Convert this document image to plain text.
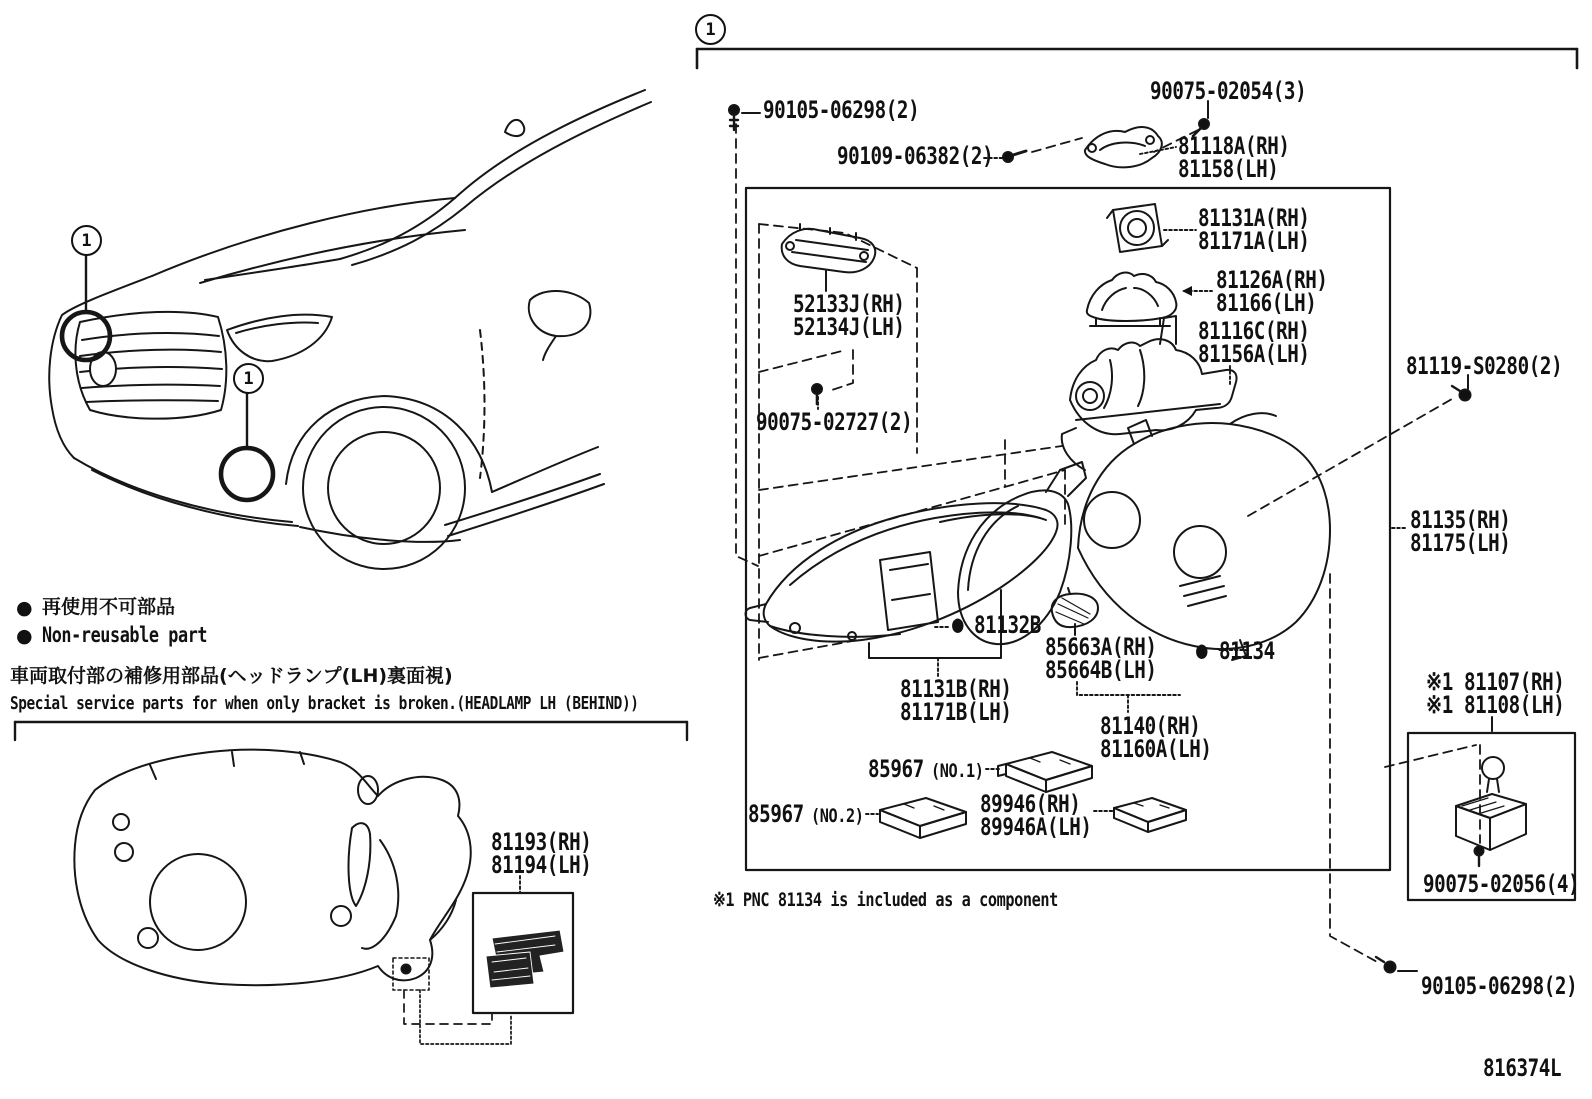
1
1
1
90105-06298(2)
90075-02054(3)
90109-06382(2)	81118A(RH)
81158(LH)
81131A(RH)
81171A(LH)
81126A(RH)
81166(LH)
81116C(RH)
81156A(LH)
52133J(RH)
52134J(LH)
90075-02727(2)
81119-S0280(2)
81135(RH)
81175(LH)
● 81132B
85663A(RH)
85664B(LH)
● 81134
81131B(RH)
81171B(LH)	81140(RH)
81160A(LH)
85967 (NO.1)
85967 (NO.2)	89946(RH)
89946A(LH)
※1 81107(RH)
※1 81108(LH)
90075-02056(4)
90105-06298(2)
81193(RH)
81194(LH)
● 再使用不可部品
● Non-reusable part
車両取付部の補修用部品(ヘッドランプ(LH)裏面視)
Special service parts for when only bracket is broken.(HEADLAMP LH (BEHIND))
※1 PNC 81134 is included as a component
816374L
